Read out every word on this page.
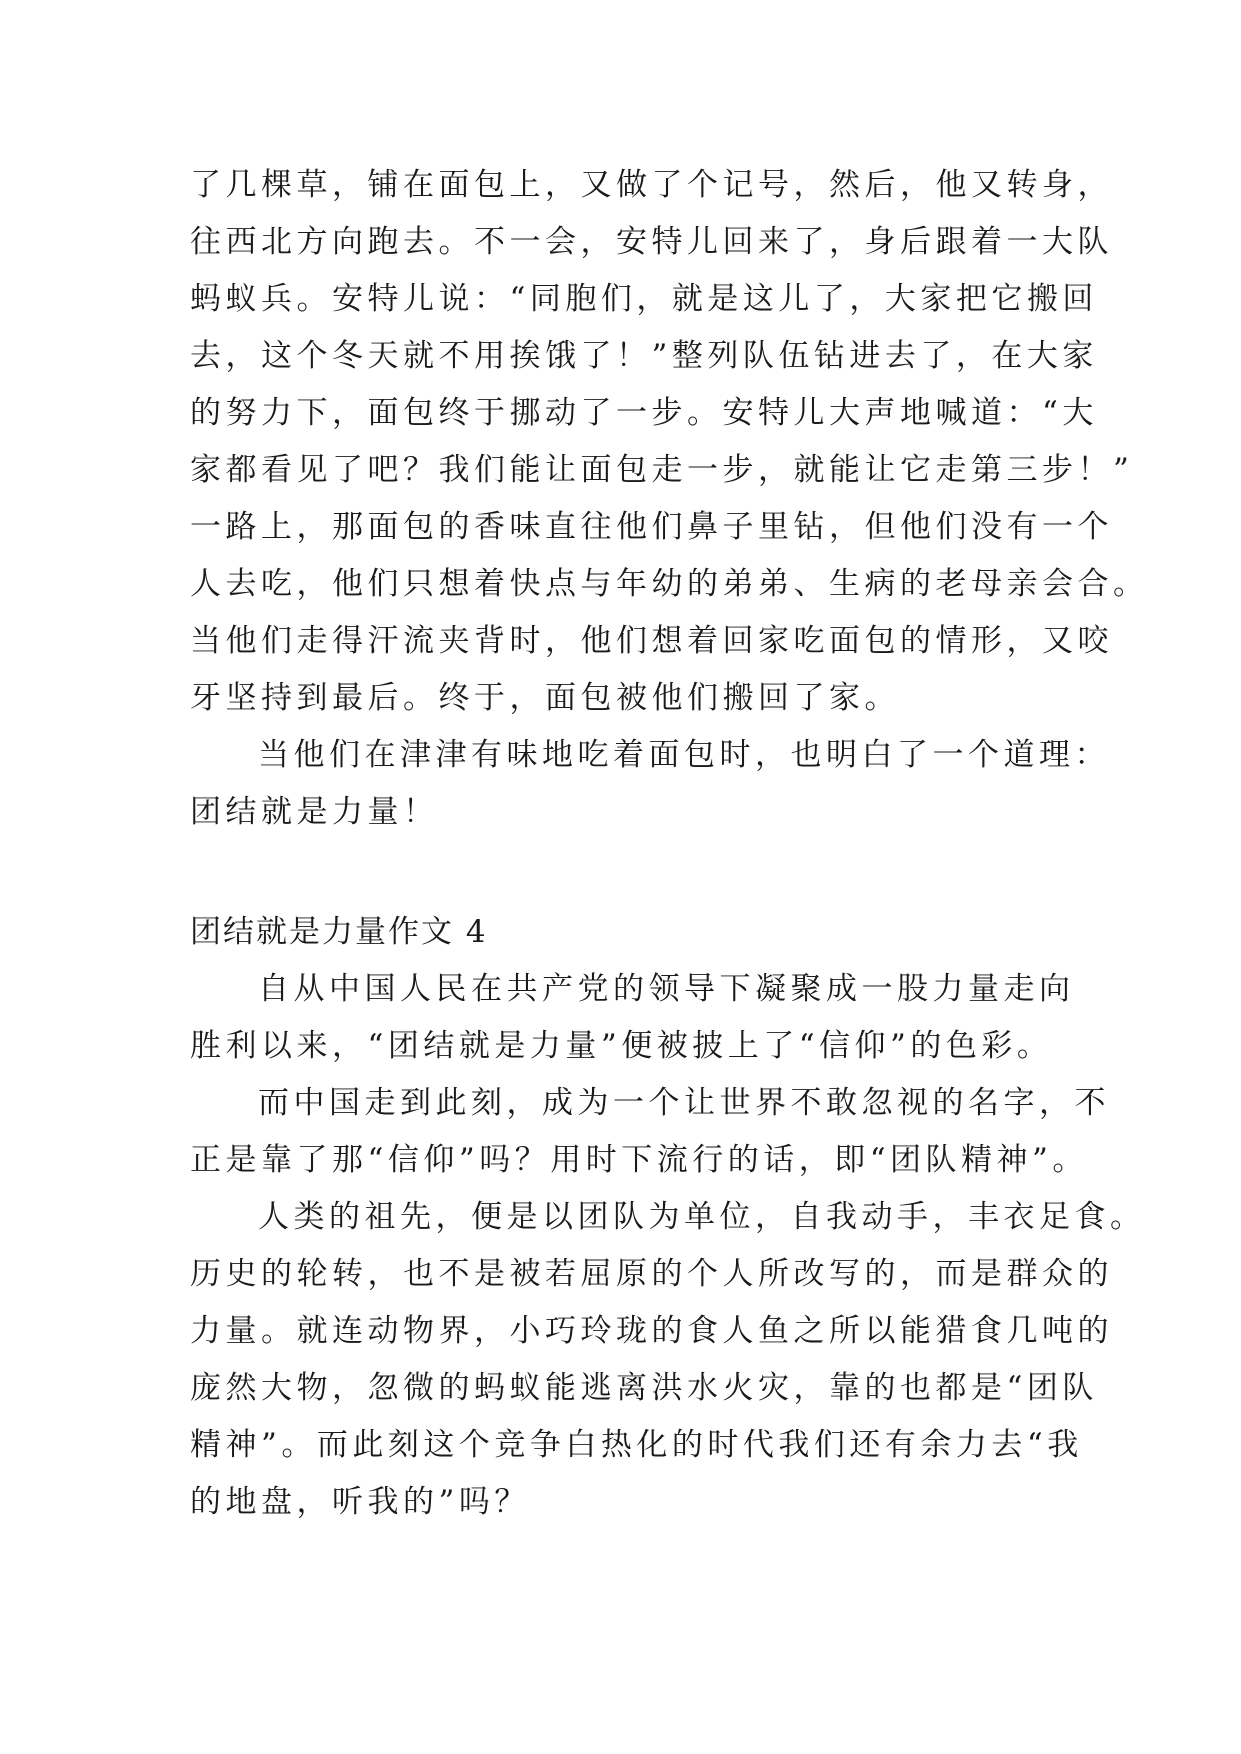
了几棵草，铺在面包上，又做了个记号，然后，他又转身，
往西北方向跑去。不一会，安特儿回来了，身后跟着一大队
蚂蚁兵。安特儿说：“同胞们，就是这儿了，大家把它搬回
去，这个冬天就不用挨饿了！”整列队伍钻进去了，在大家
的努力下，面包终于挪动了一步。安特儿大声地喊道：“大
家都看见了吧？我们能让面包走一步，就能让它走第三步！”
一路上，那面包的香味直往他们鼻子里钻，但他们没有一个
人去吃，他们只想着快点与年幼的弟弟、生病的老母亲会合。
当他们走得汗流夹背时，他们想着回家吃面包的情形，又咬
牙坚持到最后。终于，面包被他们搬回了家。
当他们在津津有味地吃着面包时，也明白了一个道理：
团结就是力量！
团结就是力量作文 4
自从中国人民在共产党的领导下凝聚成一股力量走向
胜利以来，“团结就是力量”便被披上了“信仰”的色彩。
而中国走到此刻，成为一个让世界不敢忽视的名字，不
正是靠了那“信仰”吗？用时下流行的话，即“团队精神”。
人类的祖先，便是以团队为单位，自我动手，丰衣足食。
历史的轮转，也不是被若屈原的个人所改写的，而是群众的
力量。就连动物界，小巧玲珑的食人鱼之所以能猎食几吨的
庞然大物，忽微的蚂蚁能逃离洪水火灾，靠的也都是“团队
精神”。而此刻这个竞争白热化的时代我们还有余力去“我
的地盘，听我的”吗？
